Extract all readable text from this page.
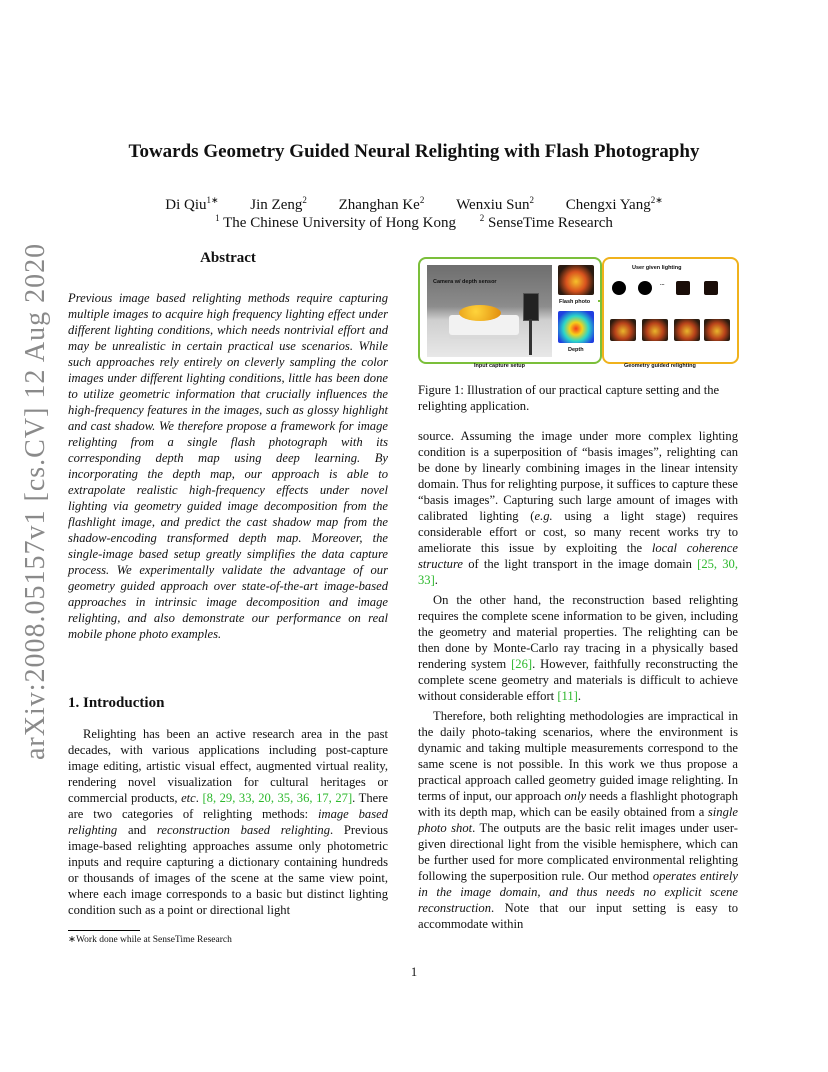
arXiv:2008.05157v1 [cs.CV] 12 Aug 2020
Towards Geometry Guided Neural Relighting with Flash Photography
Di Qiu$^{1∗}$ Jin Zeng$^2$ Zhanghan Ke$^2$ Wenxiu Sun$^2$ Chengxi Yang$^{2∗}$
$^1$ The Chinese University of Hong Kong	$^2$ SenseTime Research
Abstract
Previous image based relighting methods require capturing multiple images to acquire high frequency lighting effect under different lighting conditions, which needs nontrivial effort and may be unrealistic in certain practical use scenarios. While such approaches rely entirely on cleverly sampling the color images under different lighting conditions, little has been done to utilize geometric information that crucially influences the high-frequency features in the images, such as glossy highlight and cast shadow. We therefore propose a framework for image relighting from a single flash photograph with its corresponding depth map using deep learning. By incorporating the depth map, our approach is able to extrapolate realistic high-frequency effects under novel lighting via geometry guided image decomposition from the flashlight image, and predict the cast shadow map from the shadow-encoding transformed depth map. Moreover, the single-image based setup greatly simplifies the data capture process. We experimentally validate the advantage of our geometry guided approach over state-of-the-art image-based approaches in intrinsic image decomposition and image relighting, and also demonstrate our performance on real mobile phone photo examples.
1. Introduction

Relighting has been an active research area in the past decades, with various applications including post-capture image editing, artistic visual effect, augmented virtual reality, rendering novel visualization for cultural heritages or commercial products, etc. [8, 29, 33, 20, 35, 36, 17, 27]. There are two categories of relighting methods: image based relighting and reconstruction based relighting. Previous image-based relighting approaches assume only photometric inputs and require capturing a dictionary containing hundreds or thousands of images of the scene at the same view point, where each image corresponds to a basic but distinct lighting condition such as a point or directional light

∗Work done while at SenseTime Research
Camera w/ depth sensor
Flash photo
Depth
User given lighting
...
Input capture setup	Geometry guided relighting
Figure 1: Illustration of our practical capture setting and the relighting application.

source. Assuming the image under more complex lighting condition is a superposition of “basis images”, relighting can be done by linearly combining images in the linear intensity domain. Thus for relighting purpose, it suffices to capture these “basis images”. Capturing such large amount of images with calibrated lighting (e.g. using a light stage) requires considerable effort or cost, so many recent works try to ameliorate this issue by exploiting the local coherence structure of the light transport in the image domain [25, 30, 33].

On the other hand, the reconstruction based relighting requires the complete scene information to be given, including the geometry and material properties. The relighting can be then done by Monte-Carlo ray tracing in a physically based rendering system [26]. However, faithfully reconstructing the complete scene geometry and materials is difficult to achieve without considerable effort [11].

Therefore, both relighting methodologies are impractical in the daily photo-taking scenarios, where the environment is dynamic and taking multiple measurements correspond to the same scene is not possible. In this work we thus propose a practical approach called geometry guided image relighting. In terms of input, our approach only needs a flashlight photograph with its depth map, which can be easily obtained from a single photo shot. The outputs are the basic relit images under user-given directional light from the visible hemisphere, which can be further used for more complicated environmental relighting following the superposition rule. Our method operates entirely in the image domain, and thus needs no explicit scene reconstruction. Note that our input setting is easy to accommodate within

1
